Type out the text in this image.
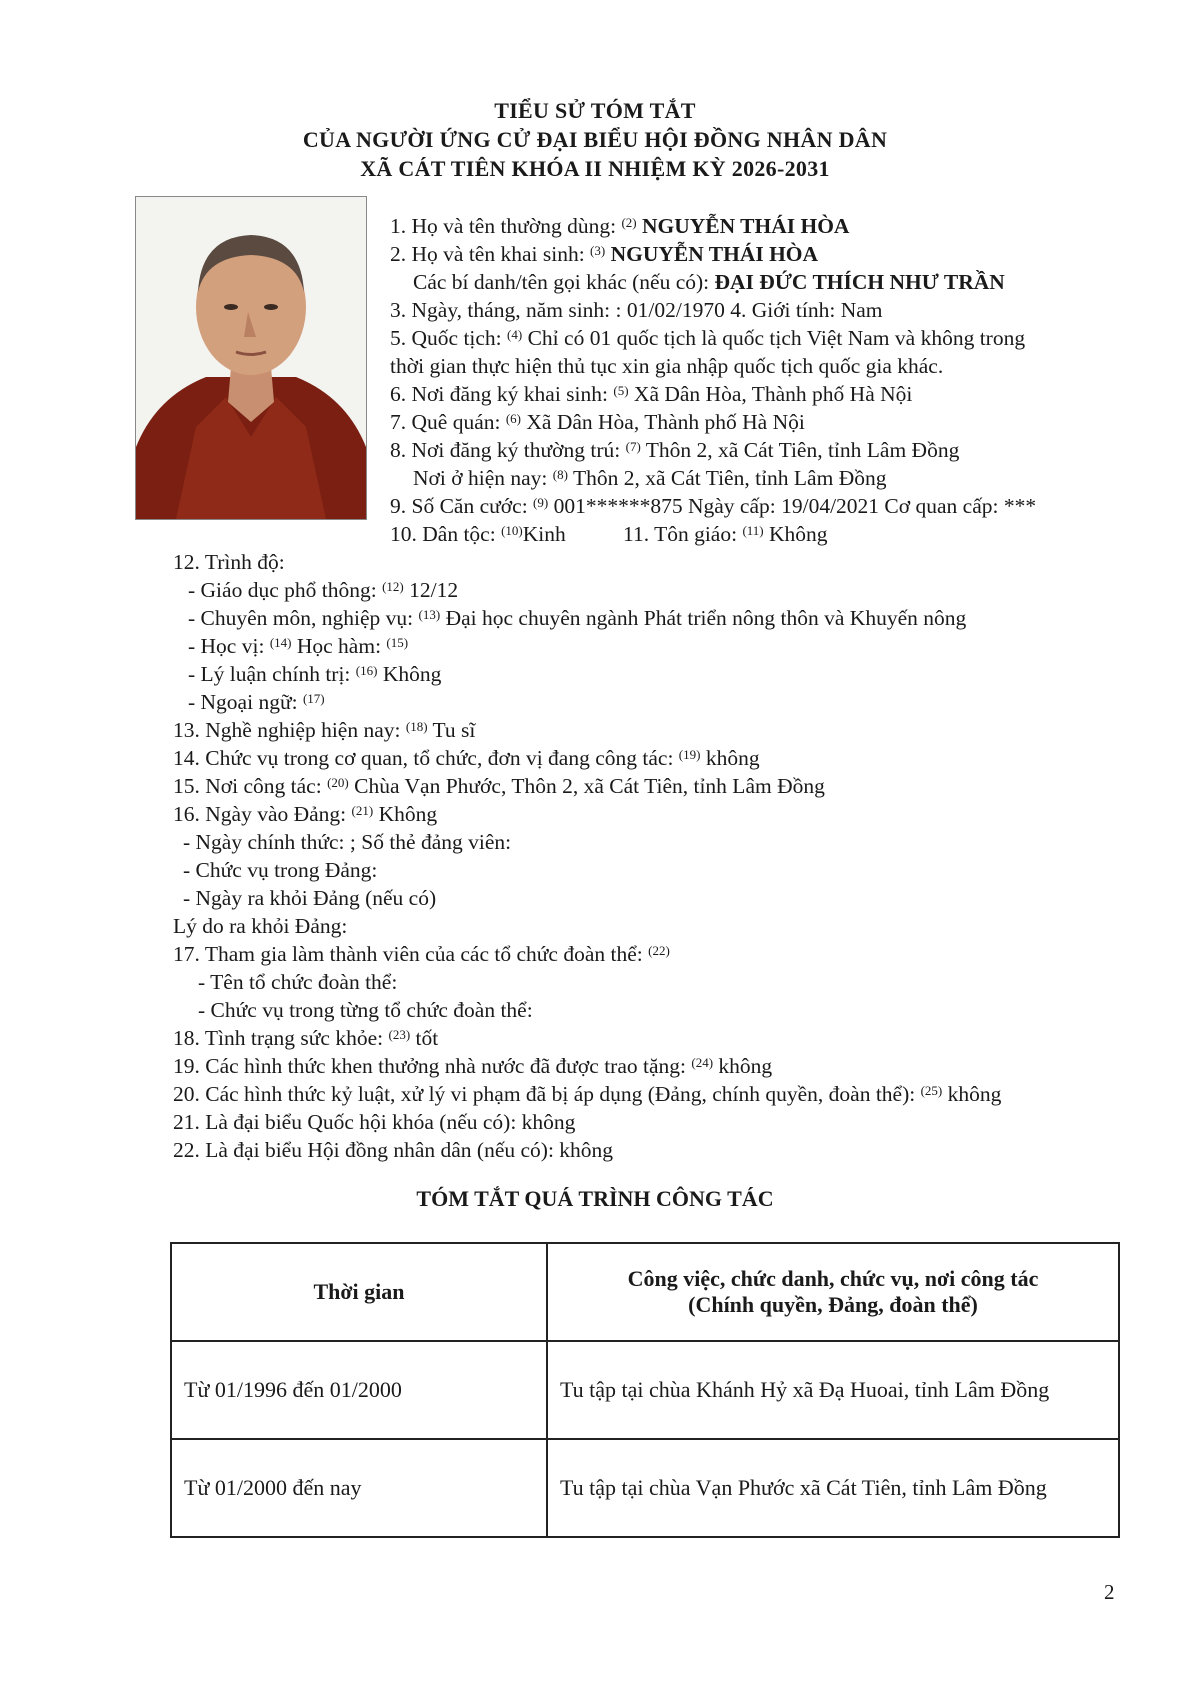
TIỂU SỬ TÓM TẮT
CỦA NGƯỜI ỨNG CỬ ĐẠI BIỂU HỘI ĐỒNG NHÂN DÂN
XÃ CÁT TIÊN KHÓA II NHIỆM KỲ 2026-2031
1. Họ và tên thường dùng: $^{(2)}$ NGUYỄN THÁI HÒA
2. Họ và tên khai sinh: $^{(3)}$ NGUYỄN THÁI HÒA
Các bí danh/tên gọi khác (nếu có): ĐẠI ĐỨC THÍCH NHƯ TRẦN
3. Ngày, tháng, năm sinh: : 01/02/1970 4. Giới tính: Nam
5. Quốc tịch: $^{(4)}$ Chỉ có 01 quốc tịch là quốc tịch Việt Nam và không trong
thời gian thực hiện thủ tục xin gia nhập quốc tịch quốc gia khác.
6. Nơi đăng ký khai sinh: $^{(5)}$ Xã Dân Hòa, Thành phố Hà Nội
7. Quê quán: $^{(6)}$ Xã Dân Hòa, Thành phố Hà Nội
8. Nơi đăng ký thường trú: $^{(7)}$ Thôn 2, xã Cát Tiên, tỉnh Lâm Đồng
Nơi ở hiện nay: $^{(8)}$ Thôn 2, xã Cát Tiên, tỉnh Lâm Đồng
9. Số Căn cước: $^{(9)}$ 001******875 Ngày cấp: 19/04/2021 Cơ quan cấp: ***
10. Dân tộc: $^{(10)}$Kinh	11. Tôn giáo: $^{(11)}$ Không
12. Trình độ:
- Giáo dục phổ thông: $^{(12)}$ 12/12
- Chuyên môn, nghiệp vụ: $^{(13)}$ Đại học chuyên ngành Phát triển nông thôn và Khuyến nông
- Học vị: $^{(14)}$ Học hàm: $^{(15)}$
- Lý luận chính trị: $^{(16)}$ Không
- Ngoại ngữ: $^{(17)}$
13. Nghề nghiệp hiện nay: $^{(18)}$ Tu sĩ
14. Chức vụ trong cơ quan, tổ chức, đơn vị đang công tác: $^{(19)}$ không
15. Nơi công tác: $^{(20)}$ Chùa Vạn Phước, Thôn 2, xã Cát Tiên, tỉnh Lâm Đồng
16. Ngày vào Đảng: $^{(21)}$ Không
- Ngày chính thức: ; Số thẻ đảng viên:
- Chức vụ trong Đảng:
- Ngày ra khỏi Đảng (nếu có)
Lý do ra khỏi Đảng:
17. Tham gia làm thành viên của các tổ chức đoàn thể: $^{(22)}$
- Tên tổ chức đoàn thể:
- Chức vụ trong từng tổ chức đoàn thể:
18. Tình trạng sức khỏe: $^{(23)}$ tốt
19. Các hình thức khen thưởng nhà nước đã được trao tặng: $^{(24)}$ không
20. Các hình thức kỷ luật, xử lý vi phạm đã bị áp dụng (Đảng, chính quyền, đoàn thể): $^{(25)}$ không
21. Là đại biểu Quốc hội khóa (nếu có): không
22. Là đại biểu Hội đồng nhân dân (nếu có): không
TÓM TẮT QUÁ TRÌNH CÔNG TÁC
Thời gian	Công việc, chức danh, chức vụ, nơi công tác
(Chính quyền, Đảng, đoàn thể)

Từ 01/1996 đến 01/2000	Tu tập tại chùa Khánh Hỷ xã Đạ Huoai, tỉnh Lâm Đồng
Từ 01/2000 đến nay	Tu tập tại chùa Vạn Phước xã Cát Tiên, tỉnh Lâm Đồng
2
